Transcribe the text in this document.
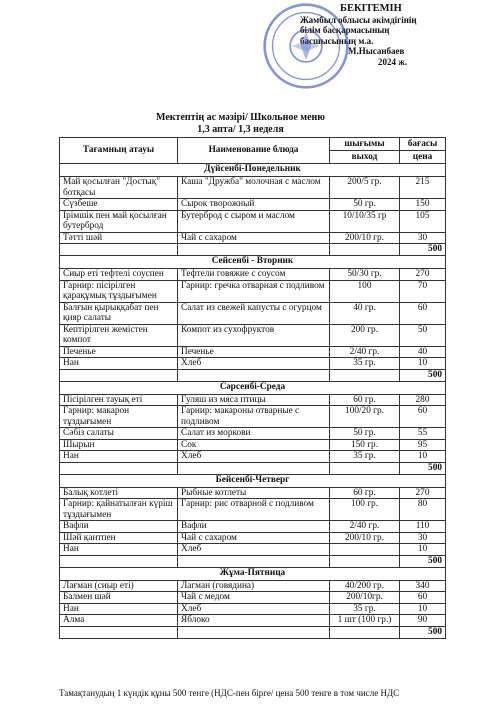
БЕКІТЕМІН
Жамбыл облысы әкімдігінің
білім басқармасының
басшысының м.а.
М.Нысанбаев
2024 ж.
Мектептің ас мәзірі/ Школьное меню
1,3 апта/ 1,3 неделя
Тағамның атауы	Наименование блюда	шығымы	бағасы
		выход	цена
Дүйсенбі-Понедельник			
Май қосылған "Достық" ботқасы	Каша "Дружба" молочная с маслом	200/5 гр.	215
Сүзбеше	Сырок творожный	50 гр.	150
Ірімшік пен май қосылған бутерброд	Бутерброд с сыром и маслом	10/10/35 гр	105
Тәтті шәй	Чай с сахаром	200/10 гр.	30
			500
Сейсенбі - Вторник			
Сиыр еті тефтелі соуспен	Тефтели говяжие с соусом	50/30 гр.	270
Гарнир: пісірілген қарақұмық тұздығымен	Гарнир: гречка отварная с подливом	100	70
Балғын қырыққабат пен қияр салаты	Салат из свежей капусты с огурцом	40 гр.	60
Кептірілген жемістен компот	Компот из сухофруктов	200 гр.	50
Печенье	Печенье	2/40 гр.	40
Нан	Хлеб	35 гр.	10
			500
Сәрсенбі-Среда			
Пісірілген тауық еті	Гуляш из мяса птицы	60 гр.	280
Гарнир: макарон тұздығымен	Гарнир: макароны отварные с подливом	100/20 гр.	60
Сәбіз салаты	Салат из моркови	50 гр.	55
Шырын	Сок	150 гр.	95
Нан	Хлеб	35 гр.	10
			500
Бейсенбі-Четверг			
Балық котлеті	Рыбные котлеты	60 гр.	270
Гарнир: қайнатылған күріш тұздығымен	Гарнир: рис отварной с подливом	100 гр.	80
Вафли	Вафли	2/40 гр.	110
Шәй қантпен	Чай с сахаром	200/10 гр.	30
Нан	Хлеб		10
			500
Жұма-Пятница			
Лағман (сиыр еті)	Лагман (говядина)	40/200 гр.	340
Балмен шәй	Чай с медом	200/10гр.	60
Нан	Хлеб	35 гр.	10
Алма	Яблоко	1 шт (100 гр.)	90
			500
Тамақтанудың 1 күндік құны 500 тенге (НДС-пен бірге/ цена 500 тенге в том числе НДС
